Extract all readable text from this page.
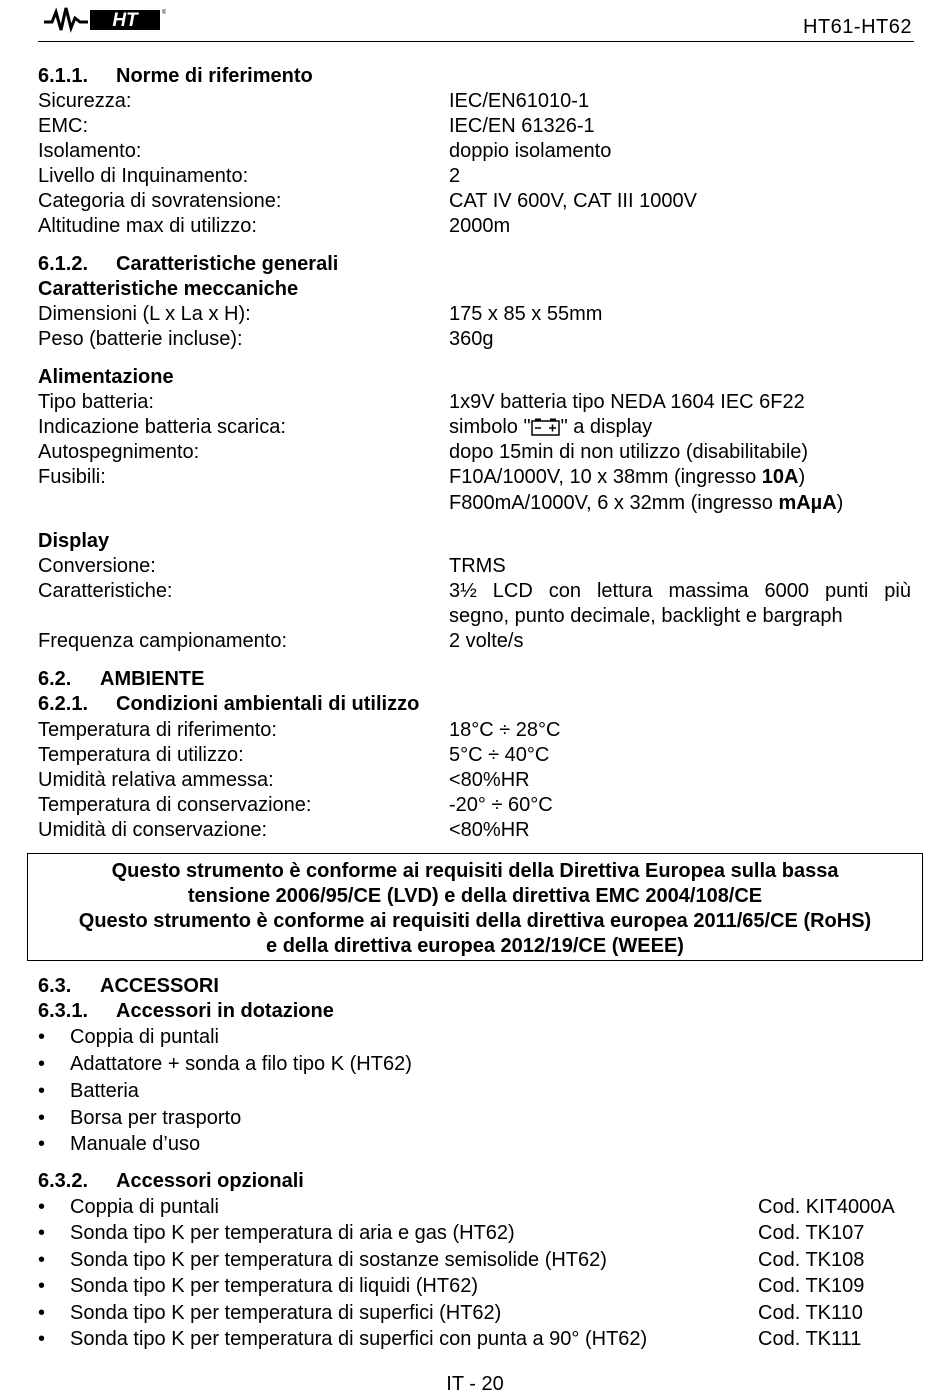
HT	®
HT61-HT62
6.1.1. Norme di riferimento
Sicurezza:	IEC/EN61010-1
EMC:	IEC/EN 61326-1
Isolamento:	doppio isolamento
Livello di Inquinamento:	2
Categoria di sovratensione:	CAT IV 600V, CAT III 1000V
Altitudine max di utilizzo:	2000m
6.1.2. Caratteristiche generali
Caratteristiche meccaniche
Dimensioni (L x La x H):	175 x 85 x 55mm
Peso (batterie incluse):	360g
Alimentazione
Tipo batteria:	1x9V batteria tipo NEDA 1604 IEC 6F22
Indicazione batteria scarica:	simbolo " " a display
Autospegnimento:	dopo 15min di non utilizzo (disabilitabile)
Fusibili:	F10A/1000V, 10 x 38mm (ingresso 10A)
F800mA/1000V, 6 x 32mm (ingresso mAµA)
Display
Conversione:	TRMS
Caratteristiche:	3½ LCD con lettura massima 6000 punti più
segno, punto decimale, backlight e bargraph
Frequenza campionamento:	2 volte/s
6.2. AMBIENTE
6.2.1. Condizioni ambientali di utilizzo
Temperatura di riferimento:	18°C ÷ 28°C
Temperatura di utilizzo:	5°C ÷ 40°C
Umidità relativa ammessa:	<80%HR
Temperatura di conservazione:	-20° ÷ 60°C
Umidità di conservazione:	<80%HR
Questo strumento è conforme ai requisiti della Direttiva Europea sulla bassa
tensione 2006/95/CE (LVD) e della direttiva EMC 2004/108/CE
Questo strumento è conforme ai requisiti della direttiva europea 2011/65/CE (RoHS)
e della direttiva europea 2012/19/CE (WEEE)
6.3. ACCESSORI
6.3.1. Accessori in dotazione
Coppia di puntali
Adattatore + sonda a filo tipo K (HT62)
Batteria
Borsa per trasporto
Manuale d’uso
6.3.2. Accessori opzionali
Coppia di puntali	Cod. KIT4000A
Sonda tipo K per temperatura di aria e gas (HT62)	Cod. TK107
Sonda tipo K per temperatura di sostanze semisolide (HT62)	Cod. TK108
Sonda tipo K per temperatura di liquidi (HT62)	Cod. TK109
Sonda tipo K per temperatura di superfici (HT62)	Cod. TK110
Sonda tipo K per temperatura di superfici con punta a 90° (HT62)	Cod. TK111
IT - 20
